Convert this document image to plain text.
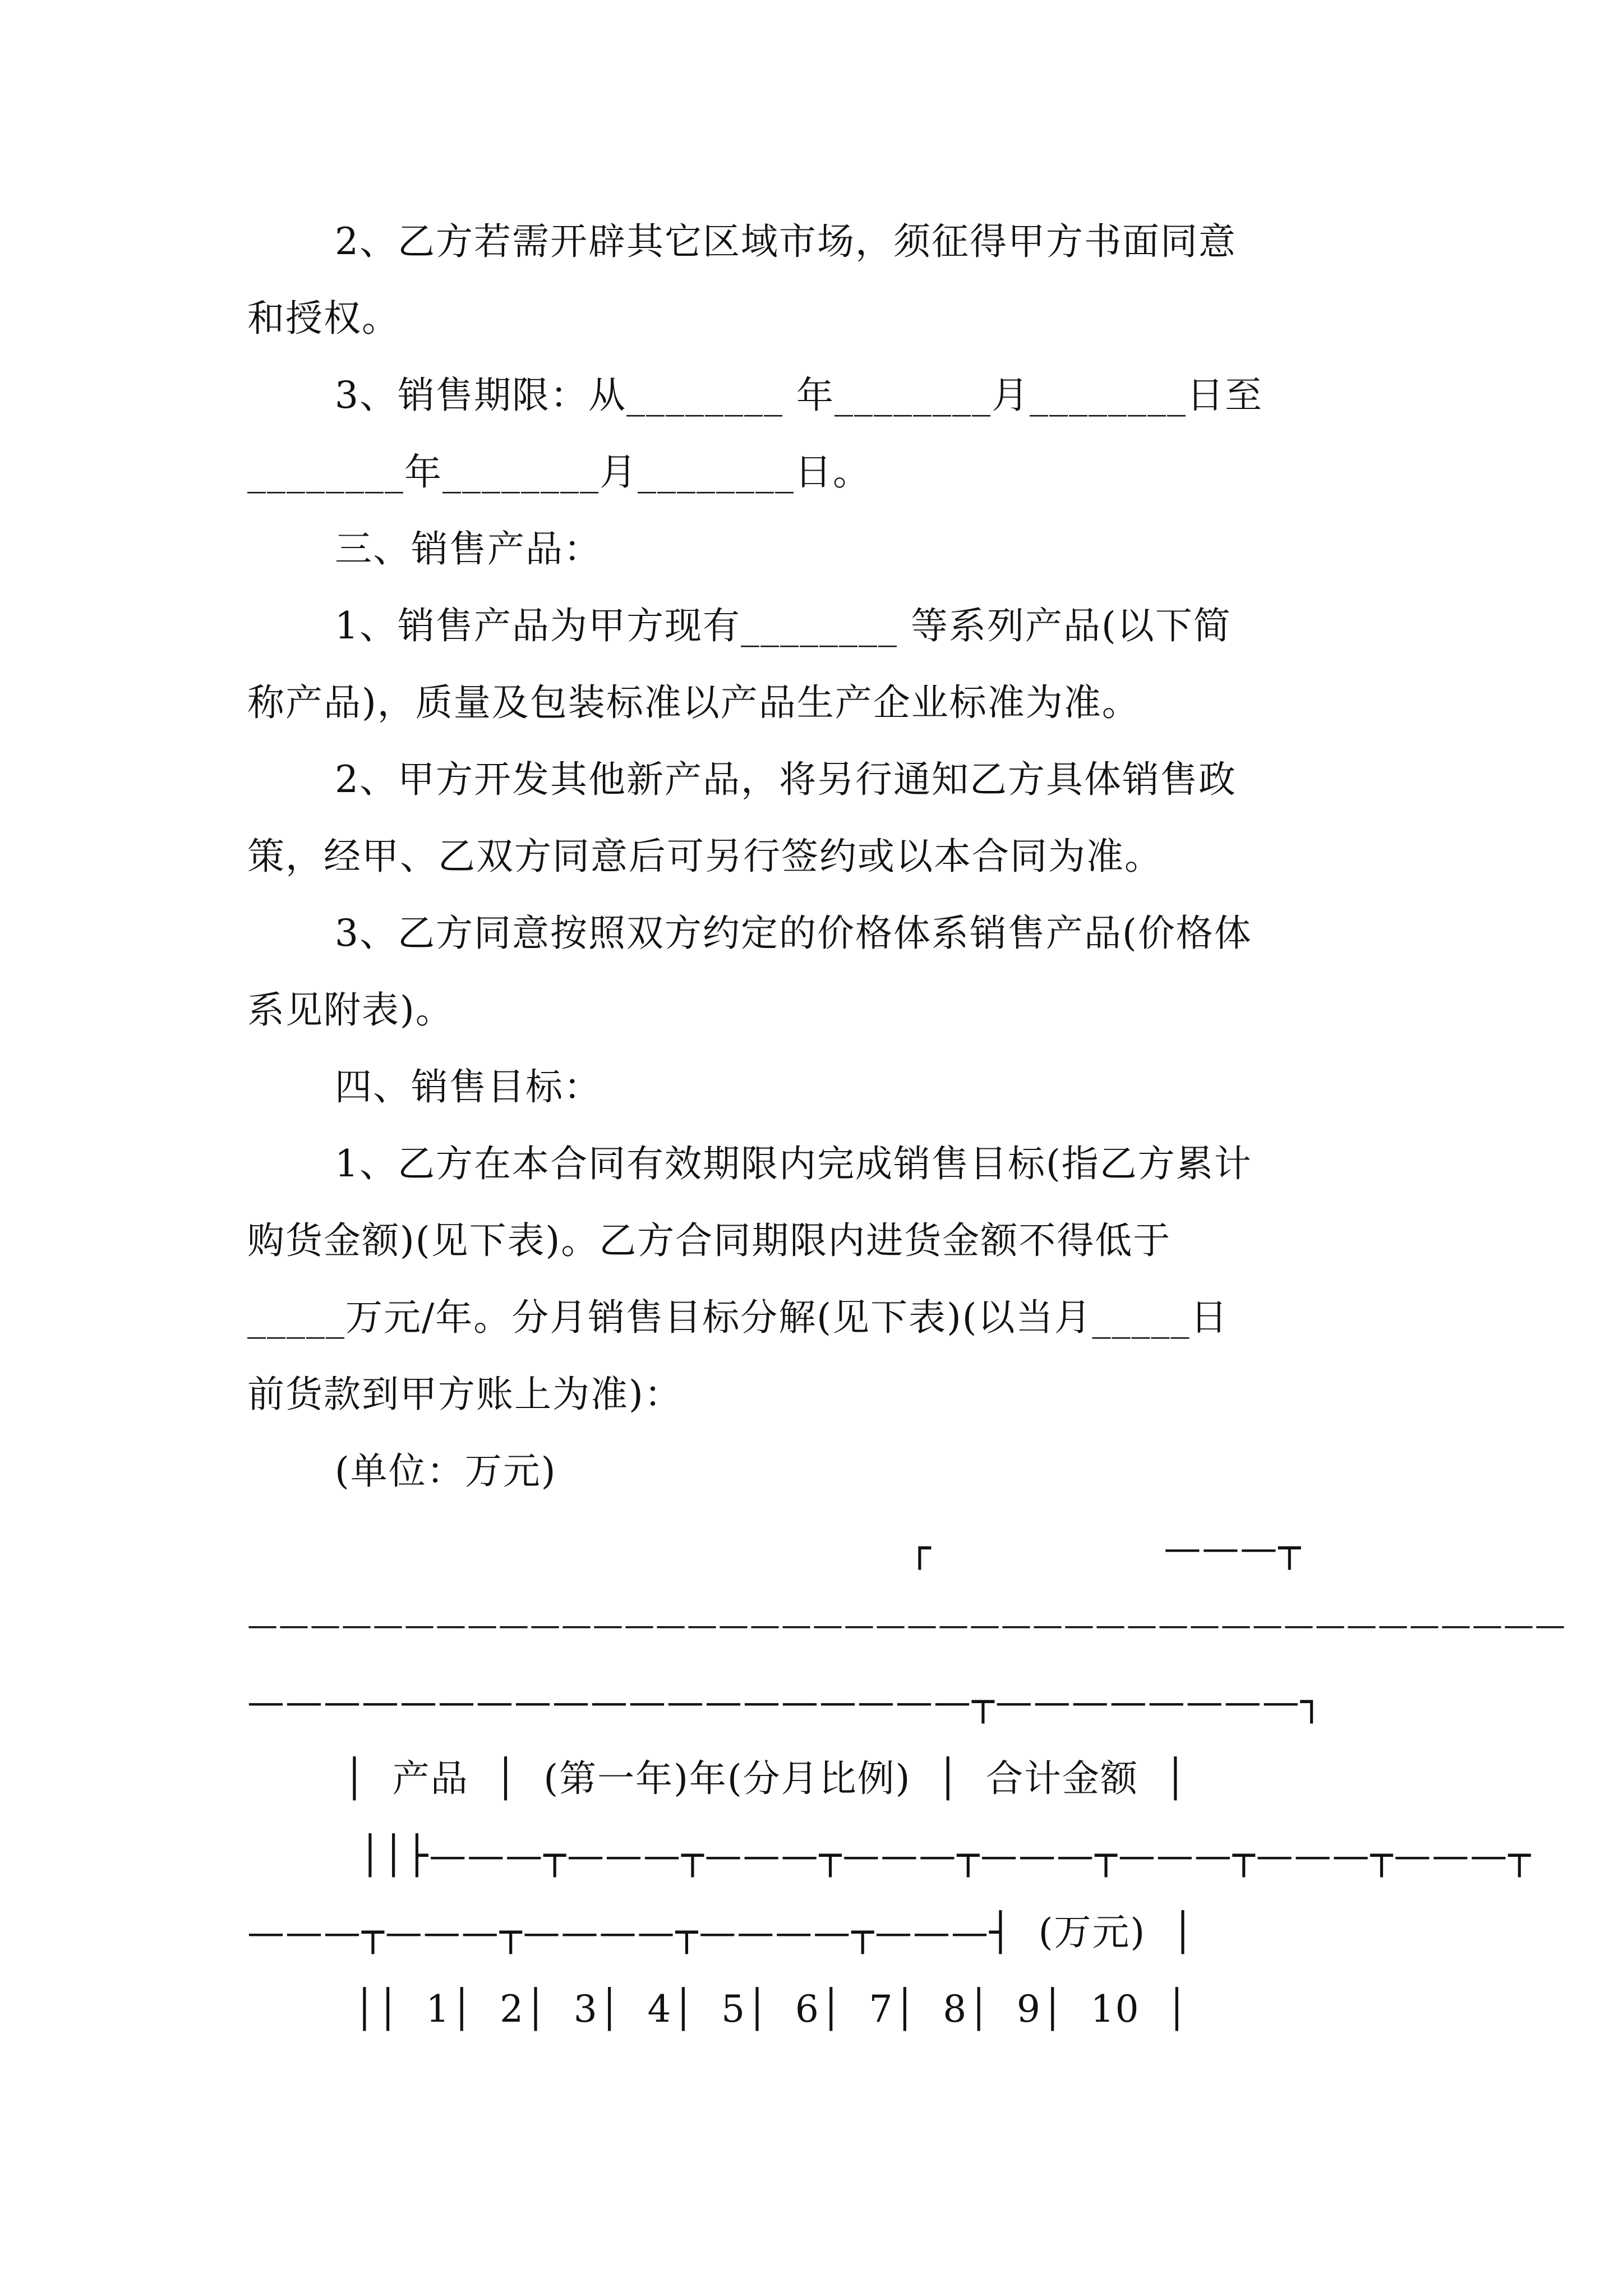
2、乙方若需开辟其它区域市场，须征得甲方书面同意
和授权。
3、销售期限：从________ 年________月________日至
________年________月________日。
三、销售产品：
1、销售产品为甲方现有________ 等系列产品(以下简
称产品)，质量及包装标准以产品生产企业标准为准。
2、甲方开发其他新产品，将另行通知乙方具体销售政
策，经甲、乙双方同意后可另行签约或以本合同为准。
3、乙方同意按照双方约定的价格体系销售产品(价格体
系见附表)。
四、销售目标：
1、乙方在本合同有效期限内完成销售目标(指乙方累计
购货金额)(见下表)。乙方合同期限内进货金额不得低于
_____万元/年。分月销售目标分解(见下表)(以当月_____日
前货款到甲方账上为准)：
(单位：万元)
┌                  ———┬
——————————————————————————————————————————
———————————————————┬————————┐
│  产品  │  (第一年)年(分月比例)  │  合计金额  │
││├———┬———┬———┬———┬———┬———┬———┬———┬
———┬———┬————┬————┬———┤  (万元)  │
││  1│  2│  3│  4│  5│  6│  7│  8│  9│  10  │
